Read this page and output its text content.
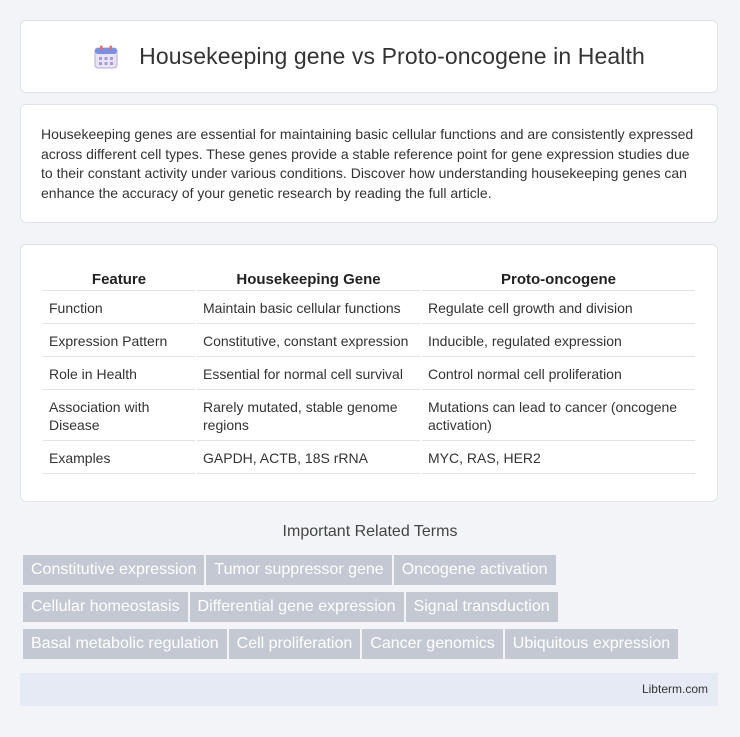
Housekeeping gene vs Proto-oncogene in Health

Housekeeping genes are essential for maintaining basic cellular functions and are consistently expressed across different cell types. These genes provide a stable reference point for gene expression studies due to their constant activity under various conditions. Discover how understanding housekeeping genes can enhance the accuracy of your genetic research by reading the full article.

Feature	Housekeeping Gene	Proto-oncogene
Function	Maintain basic cellular functions	Regulate cell growth and division
Expression Pattern	Constitutive, constant expression	Inducible, regulated expression
Role in Health	Essential for normal cell survival	Control normal cell proliferation
Association with Disease	Rarely mutated, stable genome regions	Mutations can lead to cancer (oncogene activation)
Examples	GAPDH, ACTB, 18S rRNA	MYC, RAS, HER2
Important Related Terms
Constitutive expression Tumor suppressor gene Oncogene activation
Cellular homeostasis Differential gene expression Signal transduction
Basal metabolic regulation Cell proliferation Cancer genomics Ubiquitous expression
Libterm.com
